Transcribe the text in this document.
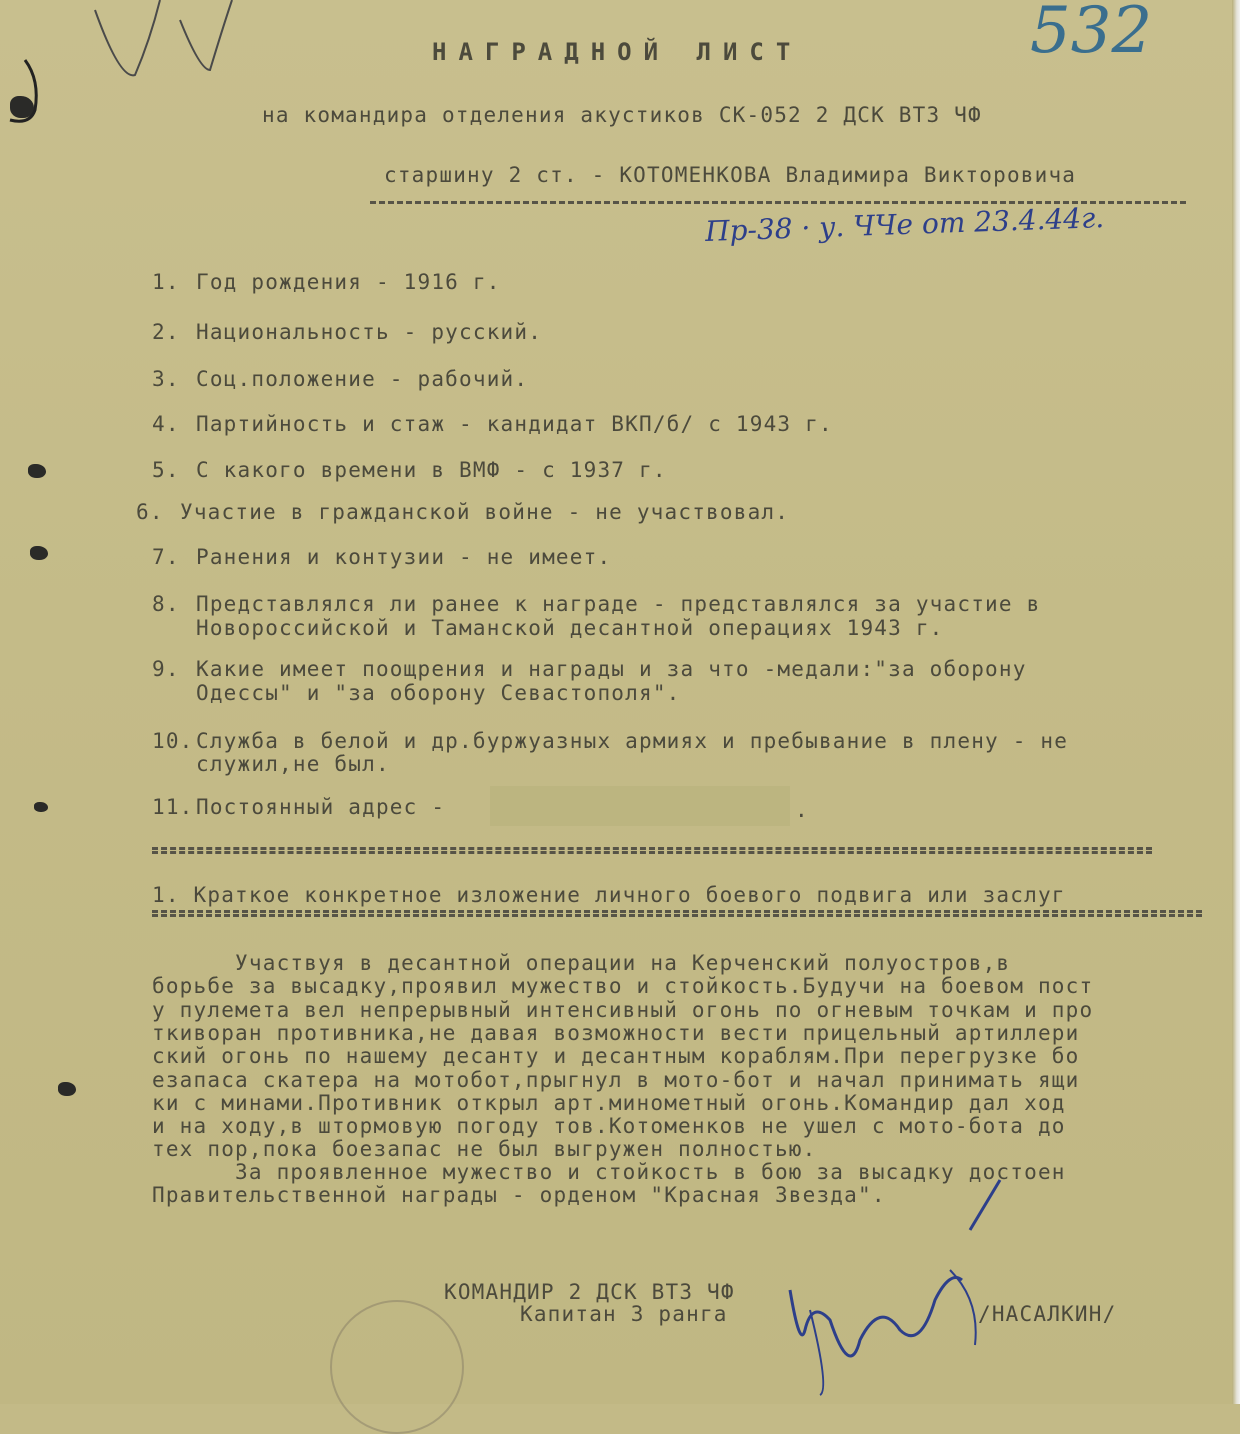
532
НАГРАДНОЙ ЛИСТ
на командира отделения акустиков СК-052 2 ДСК ВТЗ ЧФ
старшину 2 ст. - КОТОМЕНКОВА Владимира Викторовича
Пр-38 · у. ЧЧе от 23.4.44г.
1. Год рождения - 1916 г.
2. Национальность - русский.
3. Соц.положение - рабочий.
4. Партийность и стаж - кандидат ВКП/б/ с 1943 г.
5. С какого времени в ВМФ - с 1937 г.
6. Участие в гражданской войне - не участвовал.
7. Ранения и контузии - не имеет.
8. Представлялся ли ранее к награде - представлялся за участие в
Новороссийской и Таманской десантной операциях 1943 г.
9. Какие имеет поощрения и награды и за что -медали:"за оборону
Одессы" и "за оборону Севастополя".
10. Служба в белой и др.буржуазных армиях и пребывание в плену - не
служил,не был.
11. Постоянный адрес -	.
1. Краткое конкретное изложение личного боевого подвига или заслуг
Участвуя в десантной операции на Керченский полуостров,в
борьбе за высадку,проявил мужество и стойкость.Будучи на боевом пост
у пулемета вел непрерывный интенсивный огонь по огневым точкам и про
ткиворан противника,не давая возможности вести прицельный артиллери
ский огонь по нашему десанту и десантным кораблям.При перегрузке бо
езапаса скатера на мотобот,прыгнул в мото-бот и начал принимать ящи
ки с минами.Противник открыл арт.минометный огонь.Командир дал ход
и на ходу,в штормовую погоду тов.Котоменков не ушел с мото-бота до
тех пор,пока боезапас не был выгружен полностью.
За проявленное мужество и стойкость в бою за высадку достоен
Правительственной награды - орденом "Красная Звезда".
КОМАНДИР 2 ДСК ВТЗ ЧФ
Капитан 3 ранга	/НАСАЛКИН/
